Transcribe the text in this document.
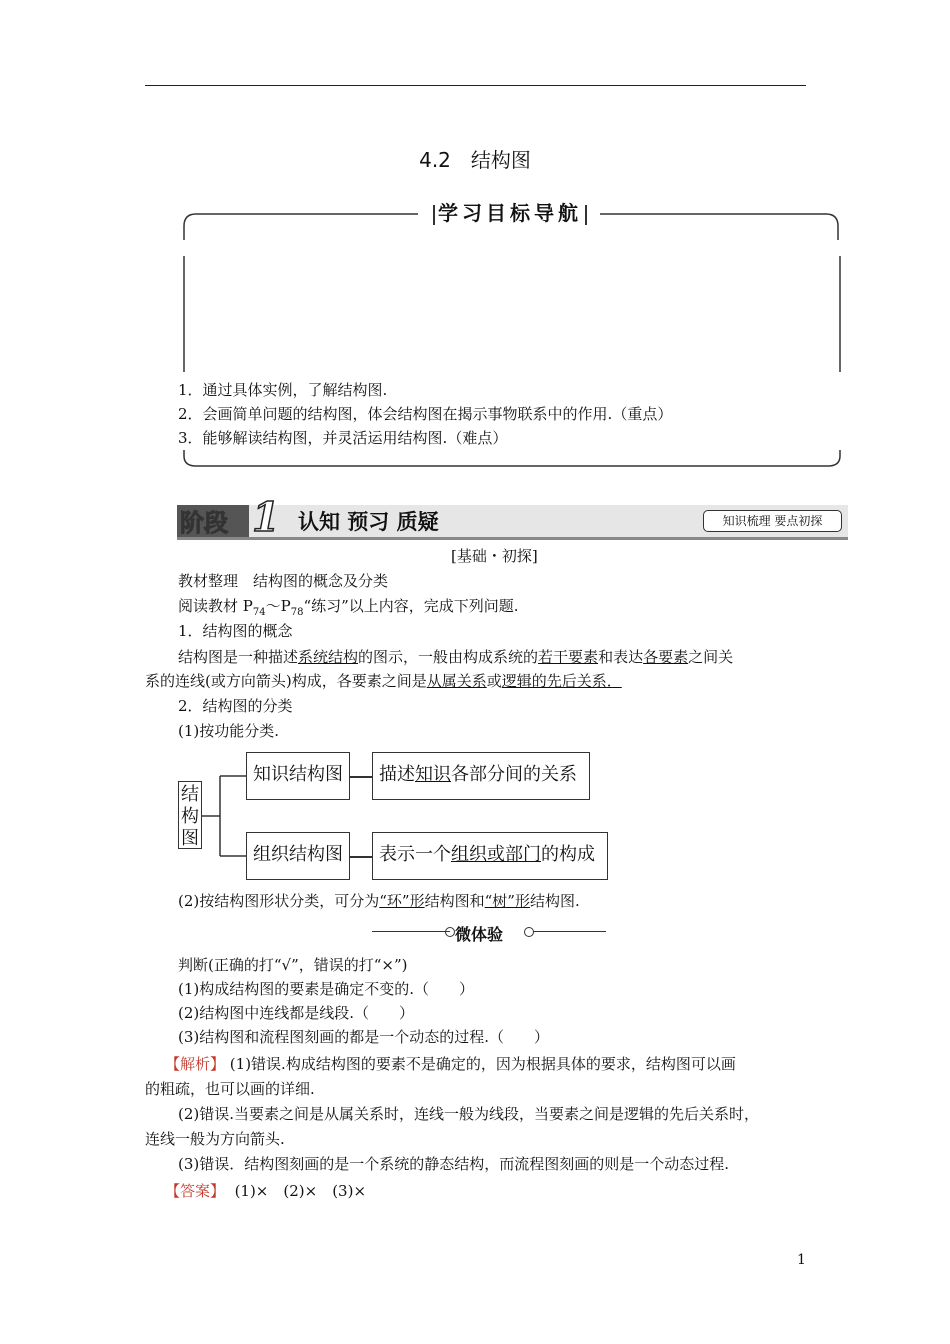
4.2　结构图
学习目标导航
1．通过具体实例，了解结构图.
2．会画简单问题的结构图，体会结构图在揭示事物联系中的作用.（重点）
3．能够解读结构图，并灵活运用结构图.（难点）
阶段 1 认知 预习 质疑	知识梳理 要点初探
[基础・初探]
教材整理　结构图的概念及分类
阅读教材 $P_{74}\sim P_{78}“$练习”以上内容，完成下列问题.
1．结构图的概念
结构图是一种描述系统结构的图示，一般由构成系统的若干要素和表达各要素之间关
系的连线(或方向箭头)构成，各要素之间是从属关系或逻辑的先后关系．
2．结构图的分类
(1)按功能分类.
结构图
知识结构图	描述知识各部分间的关系
组织结构图	表示一个组织或部门的构成
(2)按结构图形状分类，可分为“环”形结构图和“树”形结构图.
微体验
判断(正确的打“√”，错误的打“×”)
(1)构成结构图的要素是确定不变的.（　　）
(2)结构图中连线都是线段.（　　）
(3)结构图和流程图刻画的都是一个动态的过程.（　　）
【解析】 (1)错误.构成结构图的要素不是确定的，因为根据具体的要求，结构图可以画
的粗疏，也可以画的详细.
(2)错误.当要素之间是从属关系时，连线一般为线段，当要素之间是逻辑的先后关系时，
连线一般为方向箭头.
(3)错误．结构图刻画的是一个系统的静态结构，而流程图刻画的则是一个动态过程.
【答案】 (1)×　(2)×　(3)×
1
